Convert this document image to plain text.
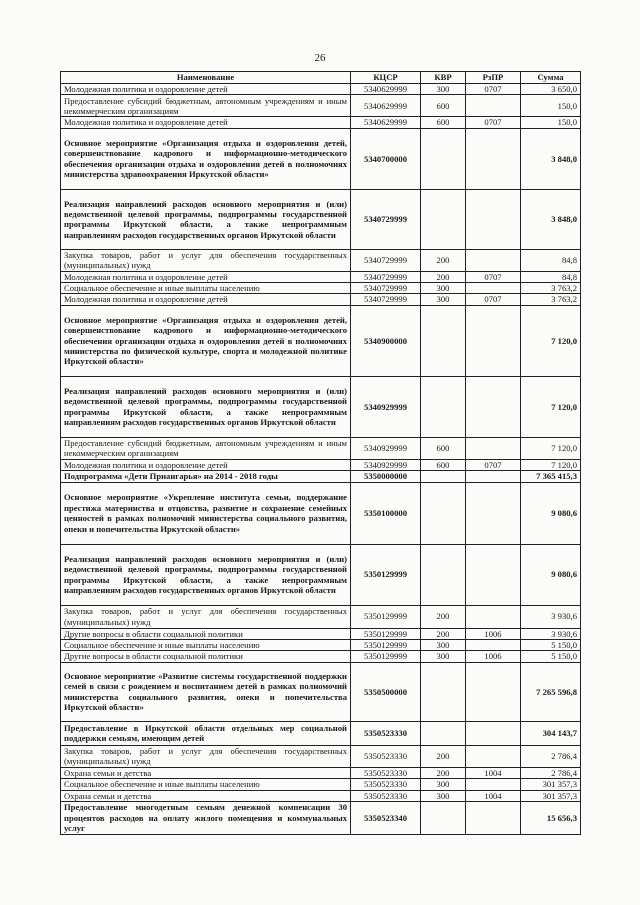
26
Наименование	КЦСР	КВР	РзПР	Сумма
Молодежная политика и оздоровление детей	5340629999	300	0707	3 650,0
Предоставление субсидий бюджетным, автономным учреждениям и иным некоммерческим организациям	5340629999	600		150,0
Молодежная политика и оздоровление детей	5340629999	600	0707	150,0
Основное мероприятие «Организация отдыха и оздоровления детей, совершенствование кадрового и информационно-методического обеспечения организации отдыха и оздоровления детей в полномочиях министерства здравоохранения Иркутской области»	5340700000			3 848,0
Реализация направлений расходов основного мероприятия и (или) ведомственной целевой программы, подпрограммы государственной программы Иркутской области, а также непрограммным направлениям расходов государственных органов Иркутской области	5340729999			3 848,0
Закупка товаров, работ и услуг для обеспечения государственных (муниципальных) нужд	5340729999	200		84,8
Молодежная политика и оздоровление детей	5340729999	200	0707	84,8
Социальное обеспечение и иные выплаты населению	5340729999	300		3 763,2
Молодежная политика и оздоровление детей	5340729999	300	0707	3 763,2
Основное мероприятие «Организация отдыха и оздоровления детей, совершенствование кадрового и информационно-методического обеспечения организации отдыха и оздоровления детей в полномочиях министерства по физической культуре, спорта и молодежной политике Иркутской области»	5340900000			7 120,0
Реализация направлений расходов основного мероприятия и (или) ведомственной целевой программы, подпрограммы государственной программы Иркутской области, а также непрограммным направлениям расходов государственных органов Иркутской области	5340929999			7 120,0
Предоставление субсидий бюджетным, автономным учреждениям и иным некоммерческим организациям	5340929999	600		7 120,0
Молодежная политика и оздоровление детей	5340929999	600	0707	7 120,0
Подпрограмма «Дети Приангарья» на 2014 - 2018 годы	5350000000			7 365 415,3
Основное мероприятие «Укрепление института семьи, поддержание престижа материнства и отцовства, развитие и сохранение семейных ценностей в рамках полномочий министерства социального развития, опеки и попечительства Иркутской области»	5350100000			9 080,6
Реализация направлений расходов основного мероприятия и (или) ведомственной целевой программы, подпрограммы государственной программы Иркутской области, а также непрограммным направлениям расходов государственных органов Иркутской области	5350129999			9 080,6
Закупка товаров, работ и услуг для обеспечения государственных (муниципальных) нужд	5350129999	200		3 930,6
Другие вопросы в области социальной политики	5350129999	200	1006	3 930,6
Социальное обеспечение и иные выплаты населению	5350129999	300		5 150,0
Другие вопросы в области социальной политики	5350129999	300	1006	5 150,0
Основное мероприятие «Развитие системы государственной поддержки семей в связи с рождением и воспитанием детей в рамках полномочий министерства социального развития, опеки и попечительства Иркутской области»	5350500000			7 265 596,8
Предоставление в Иркутской области отдельных мер социальной поддержки семьям, имеющим детей	5350523330			304 143,7
Закупка товаров, работ и услуг для обеспечения государственных (муниципальных) нужд	5350523330	200		2 786,4
Охрана семьи и детства	5350523330	200	1004	2 786,4
Социальное обеспечение и иные выплаты населению	5350523330	300		301 357,3
Охрана семьи и детства	5350523330	300	1004	301 357,3
Предоставление многодетным семьям денежной компенсации 30 процентов расходов на оплату жилого помещения и коммунальных услуг	5350523340			15 656,3
